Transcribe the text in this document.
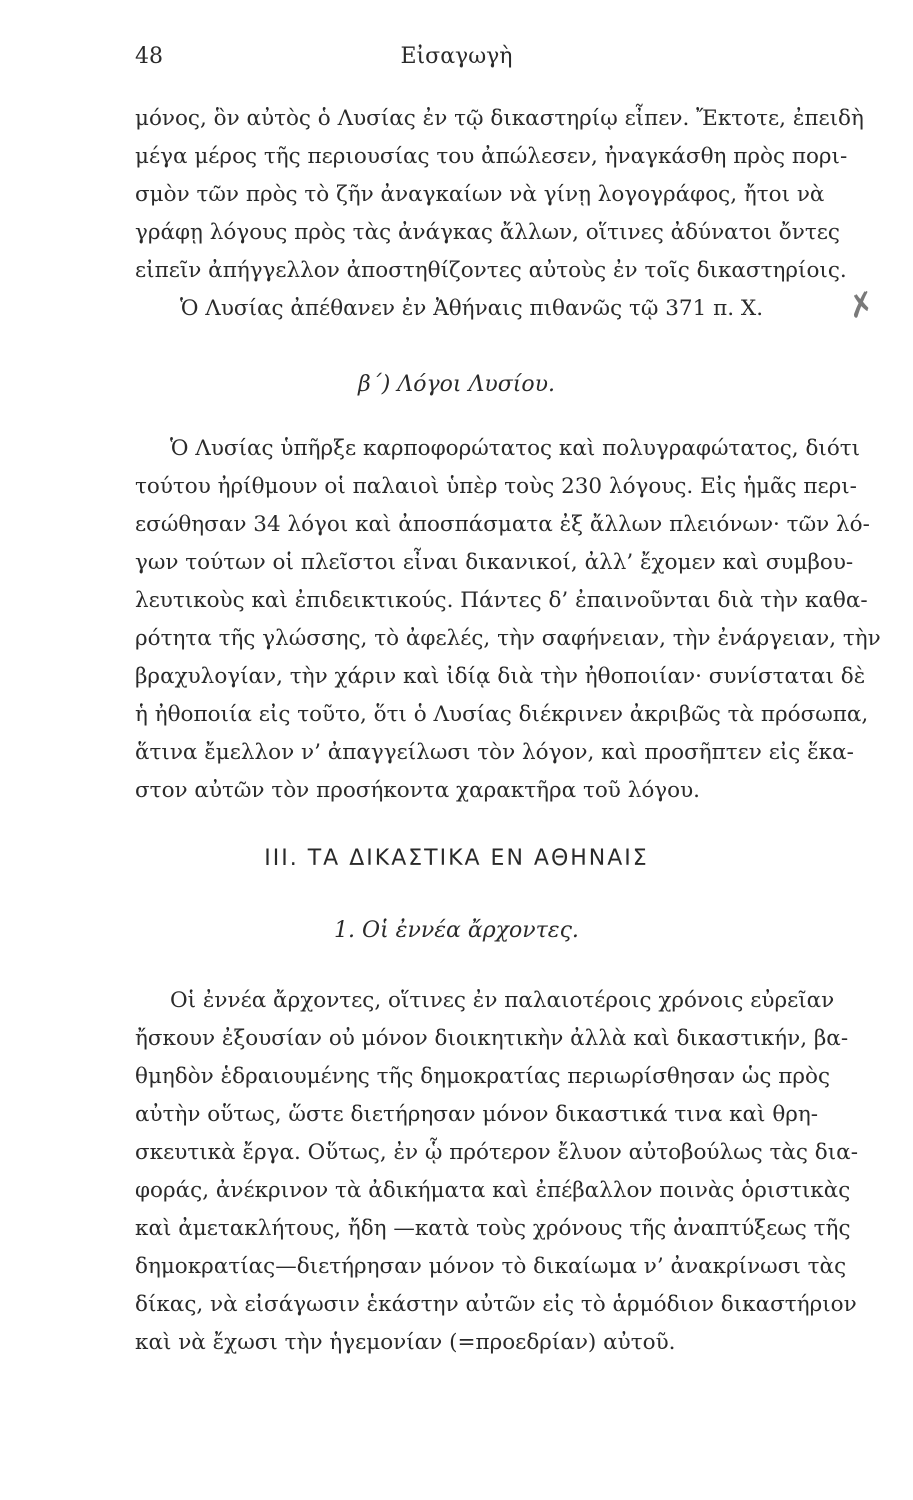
48	Εἰσαγωγὴ
μόνος, ὃν αὐτὸς ὁ Λυσίας ἐν τῷ δικαστηρίῳ εἶπεν. Ἔκτοτε, ἐπειδὴ
μέγα μέρος τῆς περιουσίας του ἀπώλεσεν, ἠναγκάσθη πρὸς πορι-
σμὸν τῶν πρὸς τὸ ζῆν ἀναγκαίων νὰ γίνῃ λογογράφος, ἤτοι νὰ
γράφῃ λόγους πρὸς τὰς ἀνάγκας ἄλλων, οἵτινες ἀδύνατοι ὄντες
εἰπεῖν ἀπήγγελλον ἀποστηθίζοντες αὐτοὺς ἐν τοῖς δικαστηρίοις.
Ὁ Λυσίας ἀπέθανεν ἐν Ἀθήναις πιθανῶς τῷ 371 π. Χ.	✗
β΄) Λόγοι Λυσίου.
Ὁ Λυσίας ὑπῆρξε καρποφορώτατος καὶ πολυγραφώτατος, διότι
τούτου ἠρίθμουν οἱ παλαιοὶ ὑπὲρ τοὺς 230 λόγους. Εἰς ἡμᾶς περι-
εσώθησαν 34 λόγοι καὶ ἀποσπάσματα ἐξ ἄλλων πλειόνων· τῶν λό-
γων τούτων οἱ πλεῖστοι εἶναι δικανικοί, ἀλλ’ ἔχομεν καὶ συμβου-
λευτικοὺς καὶ ἐπιδεικτικούς. Πάντες δ’ ἐπαινοῦνται διὰ τὴν καθα-
ρότητα τῆς γλώσσης, τὸ ἀφελές, τὴν σαφήνειαν, τὴν ἐνάργειαν, τὴν
βραχυλογίαν, τὴν χάριν καὶ ἰδίᾳ διὰ τὴν ἠθοποιίαν· συνίσταται δὲ
ἡ ἠθοποιία εἰς τοῦτο, ὅτι ὁ Λυσίας διέκρινεν ἀκριβῶς τὰ πρόσωπα,
ἅτινα ἔμελλον ν’ ἀπαγγείλωσι τὸν λόγον, καὶ προσῆπτεν εἰς ἕκα-
στον αὐτῶν τὸν προσήκοντα χαρακτῆρα τοῦ λόγου.
III. ΤΑ ΔΙΚΑΣΤΙΚΑ ΕΝ ΑΘΗΝΑΙΣ
1. Οἱ ἐννέα ἄρχοντες.
Οἱ ἐννέα ἄρχοντες, οἵτινες ἐν παλαιοτέροις χρόνοις εὐρεῖαν
ἤσκουν ἐξουσίαν οὐ μόνον διοικητικὴν ἀλλὰ καὶ δικαστικήν, βα-
θμηδὸν ἑδραιουμένης τῆς δημοκρατίας περιωρίσθησαν ὡς πρὸς
αὐτὴν οὕτως, ὥστε διετήρησαν μόνον δικαστικά τινα καὶ θρη-
σκευτικὰ ἔργα. Οὕτως, ἐν ᾧ πρότερον ἔλυον αὐτοβούλως τὰς δια-
φοράς, ἀνέκρινον τὰ ἀδικήματα καὶ ἐπέβαλλον ποινὰς ὁριστικὰς
καὶ ἀμετακλήτους, ἤδη —κατὰ τοὺς χρόνους τῆς ἀναπτύξεως τῆς
δημοκρατίας—διετήρησαν μόνον τὸ δικαίωμα ν’ ἀνακρίνωσι τὰς
δίκας, νὰ εἰσάγωσιν ἑκάστην αὐτῶν εἰς τὸ ἁρμόδιον δικαστήριον
καὶ νὰ ἔχωσι τὴν ἡγεμονίαν (=προεδρίαν) αὐτοῦ.
